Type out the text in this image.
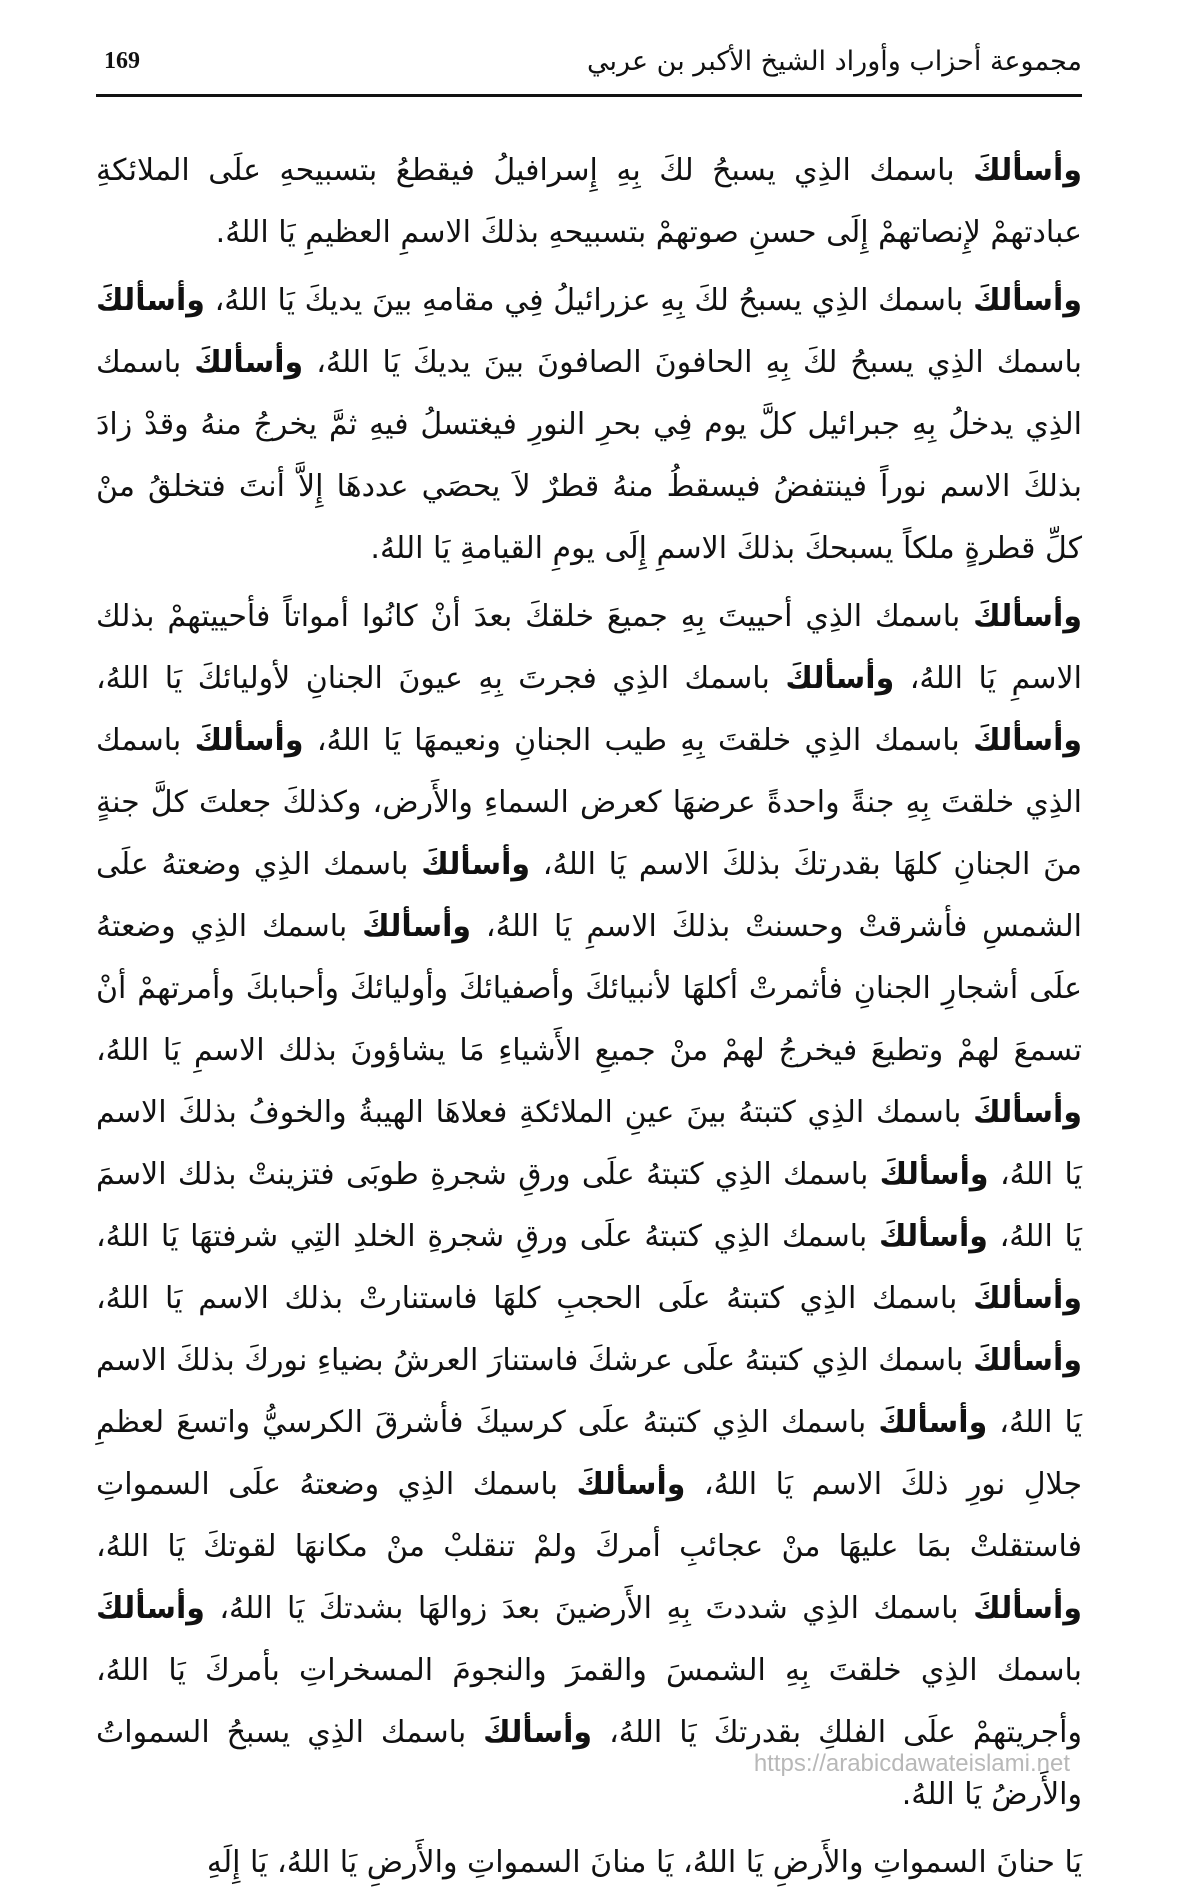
169	مجموعة أحزاب وأوراد الشيخ الأكبر بن عربي

وأسألكَ باسمك الذِي يسبحُ لكَ بِهِ إِسرافيلُ فيقطعُ بتسبيحهِ علَى الملائكةِ عبادتهمْ لإِنصاتهمْ إِلَى حسنِ صوتهمْ بتسبيحهِ بذلكَ الاسمِ العظيمِ يَا اللهُ.

وأسألكَ باسمك الذِي يسبحُ لكَ بِهِ عزرائيلُ فِي مقامهِ بينَ يديكَ يَا اللهُ، وأسألكَ باسمك الذِي يسبحُ لكَ بِهِ الحافونَ الصافونَ بينَ يديكَ يَا اللهُ، وأسألكَ باسمك الذِي يدخلُ بِهِ جبرائيل كلَّ يوم فِي بحرِ النورِ فيغتسلُ فيهِ ثمَّ يخرجُ منهُ وقدْ زادَ بذلكَ الاسم نوراً فينتفضُ فيسقطُ منهُ قطرٌ لاَ يحصَي عددهَا إِلاَّ أنتَ فتخلقُ منْ كلِّ قطرةٍ ملكاً يسبحكَ بذلكَ الاسمِ إِلَى يومِ القيامةِ يَا اللهُ.

وأسألكَ باسمك الذِي أحييتَ بِهِ جميعَ خلقكَ بعدَ أنْ كانُوا أمواتاً فأحييتهمْ بذلك الاسمِ يَا اللهُ، وأسألكَ باسمك الذِي فجرتَ بِهِ عيونَ الجنانِ لأوليائكَ يَا اللهُ، وأسألكَ باسمك الذِي خلقتَ بِهِ طيب الجنانِ ونعيمهَا يَا اللهُ، وأسألكَ باسمك الذِي خلقتَ بِهِ جنةً واحدةً عرضهَا كعرض السماءِ والأَرض، وكذلكَ جعلتَ كلَّ جنةٍ منَ الجنانِ كلهَا بقدرتكَ بذلكَ الاسم يَا اللهُ، وأسألكَ باسمك الذِي وضعتهُ علَى الشمسِ فأشرقتْ وحسنتْ بذلكَ الاسمِ يَا اللهُ، وأسألكَ باسمك الذِي وضعتهُ علَى أشجارِ الجنانِ فأثمرتْ أكلهَا لأنبيائكَ وأصفيائكَ وأوليائكَ وأحبابكَ وأمرتهمْ أنْ تسمعَ لهمْ وتطيعَ فيخرجُ لهمْ منْ جميعِ الأَشياءِ مَا يشاؤونَ بذلك الاسمِ يَا اللهُ، وأسألكَ باسمك الذِي كتبتهُ بينَ عينِ الملائكةِ فعلاهَا الهيبةُ والخوفُ بذلكَ الاسم يَا اللهُ، وأسألكَ باسمك الذِي كتبتهُ علَى ورقِ شجرةِ طوبَى فتزينتْ بذلك الاسمَ يَا اللهُ، وأسألكَ باسمك الذِي كتبتهُ علَى ورقِ شجرةِ الخلدِ التِي شرفتهَا يَا اللهُ، وأسألكَ باسمك الذِي كتبتهُ علَى الحجبِ كلهَا فاستنارتْ بذلك الاسم يَا اللهُ، وأسألكَ باسمك الذِي كتبتهُ علَى عرشكَ فاستنارَ العرشُ بضياءِ نوركَ بذلكَ الاسم يَا اللهُ، وأسألكَ باسمك الذِي كتبتهُ علَى كرسيكَ فأشرقَ الكرسيُّ واتسعَ لعظمِ جلالِ نورِ ذلكَ الاسم يَا اللهُ، وأسألكَ باسمك الذِي وضعتهُ علَى السمواتِ فاستقلتْ بمَا عليهَا منْ عجائبِ أمركَ ولمْ تنقلبْ منْ مكانهَا لقوتكَ يَا اللهُ، وأسألكَ باسمك الذِي شددتَ بِهِ الأَرضينَ بعدَ زوالهَا بشدتكَ يَا اللهُ، وأسألكَ باسمك الذِي خلقتَ بِهِ الشمسَ والقمرَ والنجومَ المسخراتِ بأمركَ يَا اللهُ، وأجريتهمْ علَى الفلكِ بقدرتكَ يَا اللهُ، وأسألكَ باسمك الذِي يسبحُ السمواتُ والأَرضُ يَا اللهُ.

يَا حنانَ السمواتِ والأَرضِ يَا اللهُ، يَا منانَ السمواتِ والأَرضِ يَا اللهُ، يَا إِلَهِ

https://arabicdawateislami.net
